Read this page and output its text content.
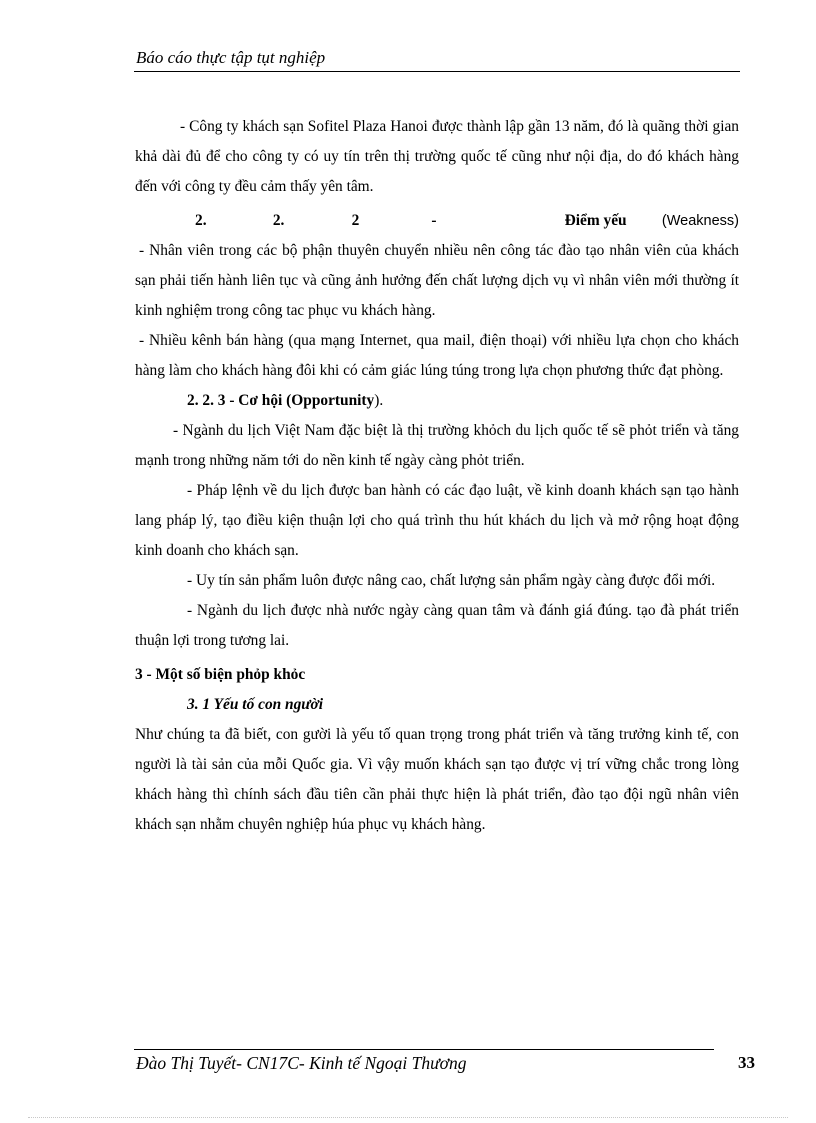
Báo cáo thực tập tụt nghiệp

- Công ty khách sạn Sofitel Plaza Hanoi được thành lập gần 13 năm, đó là quãng thời gian khả dài đủ để cho công ty có uy tín trên thị trường quốc tế cũng như nội địa, do đó khách hàng đến với công ty đều cảm thấy yên tâm.

2.	2.	2	-	Điểm yếu	(Weakness)

- Nhân viên trong các bộ phận thuyên chuyển nhiều nên công tác đào tạo nhân viên của khách sạn phải tiến hành liên tục và cũng ảnh hưởng đến chất lượng dịch vụ vì nhân viên mới thường ít kinh nghiệm trong công tac phục vu khách hàng.

- Nhiều kênh bán hàng (qua mạng Internet, qua mail, điện thoại) với nhiều lựa chọn cho khách hàng làm cho khách hàng đôi khi có cảm giác lúng túng trong lựa chọn phương thức đạt phòng.

2. 2. 3 - Cơ hội (Opportunity).

- Ngành du lịch Việt Nam đặc biệt là thị trường khỏch du lịch quốc tế sẽ phỏt triển và tăng mạnh trong những năm tới do nền kinh tế ngày càng phỏt triển.

- Pháp lệnh về du lịch được ban hành có các đạo luật, về kinh doanh khách sạn tạo hành lang pháp lý, tạo điều kiện thuận lợi cho quá trình thu hút khách du lịch và mở rộng hoạt động kinh doanh cho khách sạn.

- Uy tín sản phẩm luôn được nâng cao, chất lượng sản phẩm ngày càng được đổi mới.

- Ngành du lịch được nhà nước ngày càng quan tâm và đánh giá đúng. tạo đà phát triển thuận lợi trong tương lai.

3 - Một số biện phỏp khỏc

3. 1 Yếu tố con người

Như chúng ta đã biết, con gười là yếu tố quan trọng trong phát triển và tăng trưởng kinh tế, con người là tài sản của mỗi Quốc gia. Vì vậy muốn khách sạn tạo được vị trí vững chắc trong lòng khách hàng thì chính sách đầu tiên cần phải thực hiện là phát triển, đào tạo đội ngũ nhân viên khách sạn nhằm chuyên nghiệp húa phục vụ khách hàng.

Đào Thị Tuyết- CN17C- Kinh tế Ngoại Thương	33
